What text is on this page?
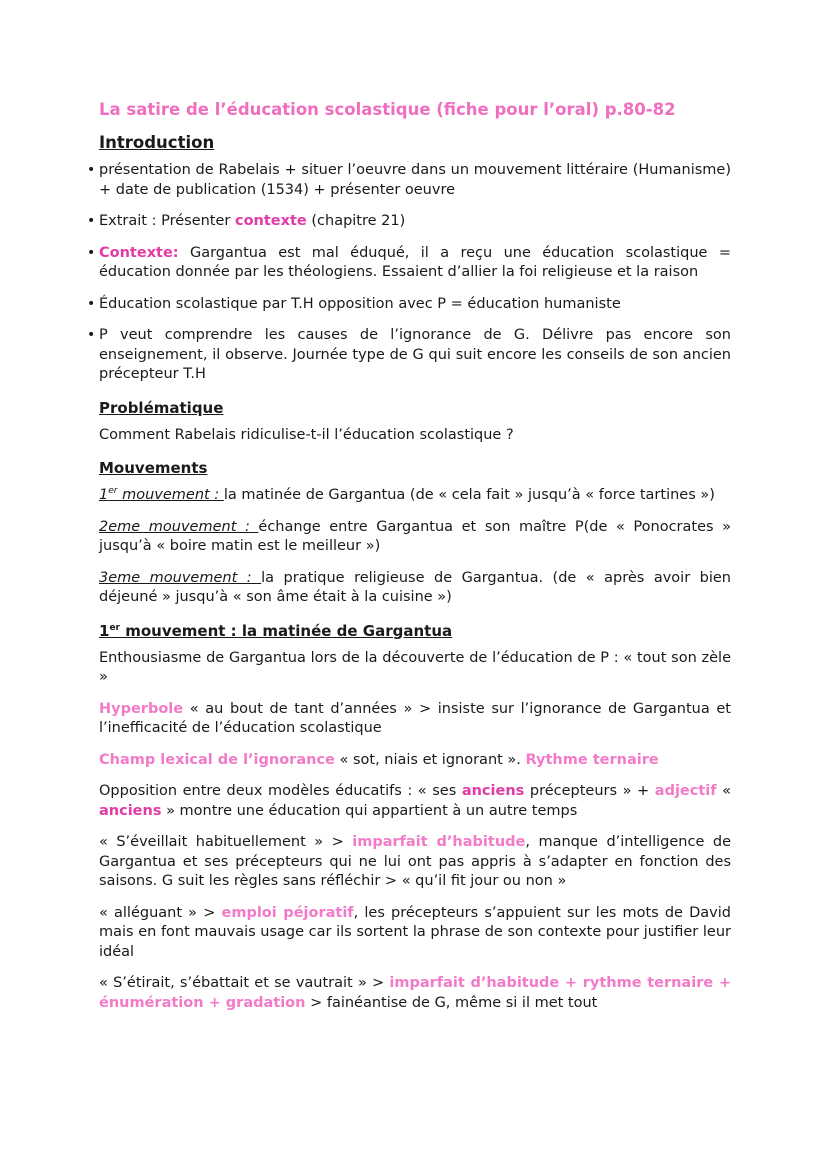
La satire de l’éducation scolastique (fiche pour l’oral) p.80-82
Introduction
• présentation de Rabelais + situer l’oeuvre dans un mouvement littéraire (Humanisme) + date de publication (1534) + présenter oeuvre
• Extrait : Présenter contexte (chapitre 21)
• Contexte: Gargantua est mal éduqué, il a reçu une éducation scolastique = éducation donnée par les théologiens. Essaient d’allier la foi religieuse et la raison
• Éducation scolastique par T.H opposition avec P = éducation humaniste
• P veut comprendre les causes de l’ignorance de G. Délivre pas encore son enseignement, il observe. Journée type de G qui suit encore les conseils de son ancien précepteur T.H
Problématique
Comment Rabelais ridiculise-t-il l’éducation scolastique ?
Mouvements
1er mouvement : la matinée de Gargantua (de « cela fait » jusqu’à « force tartines »)
2eme mouvement : échange entre Gargantua et son maître P(de « Ponocrates » jusqu’à « boire matin est le meilleur »)
3eme mouvement : la pratique religieuse de Gargantua. (de « après avoir bien déjeuné » jusqu’à « son âme était à la cuisine »)
1er mouvement : la matinée de Gargantua
Enthousiasme de Gargantua lors de la découverte de l’éducation de P : « tout son zèle »
Hyperbole « au bout de tant d’années » > insiste sur l’ignorance de Gargantua et l’inefficacité de l’éducation scolastique
Champ lexical de l’ignorance « sot, niais et ignorant ». Rythme ternaire
Opposition entre deux modèles éducatifs : « ses anciens précepteurs » + adjectif « anciens » montre une éducation qui appartient à un autre temps
« S’éveillait habituellement » > imparfait d’habitude, manque d’intelligence de Gargantua et ses précepteurs qui ne lui ont pas appris à s’adapter en fonction des saisons. G suit les règles sans réfléchir > « qu’il fit jour ou non »
« alléguant » > emploi péjoratif, les précepteurs s’appuient sur les mots de David mais en font mauvais usage car ils sortent la phrase de son contexte pour justifier leur idéal
« S’étirait, s’ébattait et se vautrait » > imparfait d’habitude + rythme ternaire + énumération + gradation > fainéantise de G, même si il met tout
